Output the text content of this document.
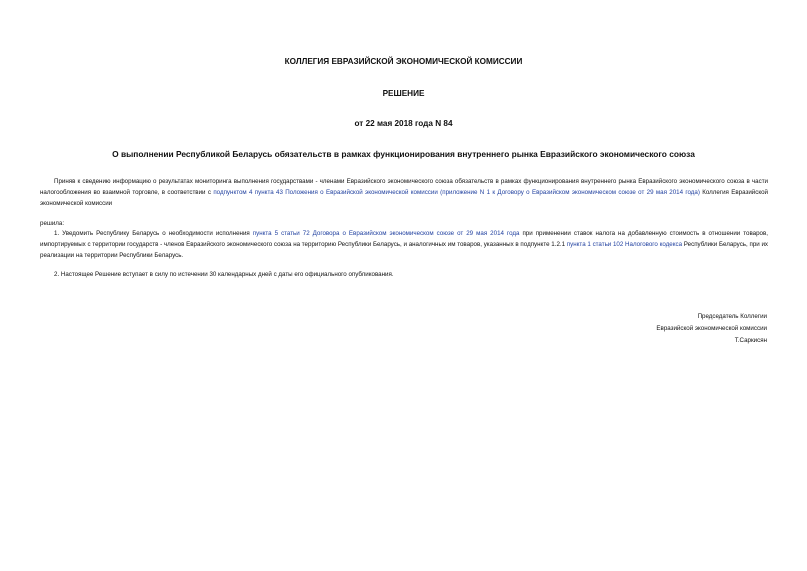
КОЛЛЕГИЯ ЕВРАЗИЙСКОЙ ЭКОНОМИЧЕСКОЙ КОМИССИИ
РЕШЕНИЕ
от 22 мая 2018 года N 84
О выполнении Республикой Беларусь обязательств в рамках функционирования внутреннего рынка Евразийского экономического союза
Приняв к сведению информацию о результатах мониторинга выполнения государствами - членами Евразийского экономического союза обязательств в рамках функционирования внутреннего рынка Евразийского экономического союза в части налогообложения во взаимной торговле, в соответствии с подпунктом 4 пункта 43 Положения о Евразийской экономической комиссии (приложение N 1 к Договору о Евразийском экономическом союзе от 29 мая 2014 года) Коллегия Евразийской экономической комиссии
решила:
1. Уведомить Республику Беларусь о необходимости исполнения пункта 5 статьи 72 Договора о Евразийском экономическом союзе от 29 мая 2014 года при применении ставок налога на добавленную стоимость в отношении товаров, импортируемых с территории государств - членов Евразийского экономического союза на территорию Республики Беларусь, и аналогичных им товаров, указанных в подпункте 1.2.1 пункта 1 статьи 102 Налогового кодекса Республики Беларусь, при их реализации на территории Республики Беларусь.
2. Настоящее Решение вступает в силу по истечении 30 календарных дней с даты его официального опубликования.
Председатель Коллегии
Евразийской экономической комиссии
Т.Саркисян
